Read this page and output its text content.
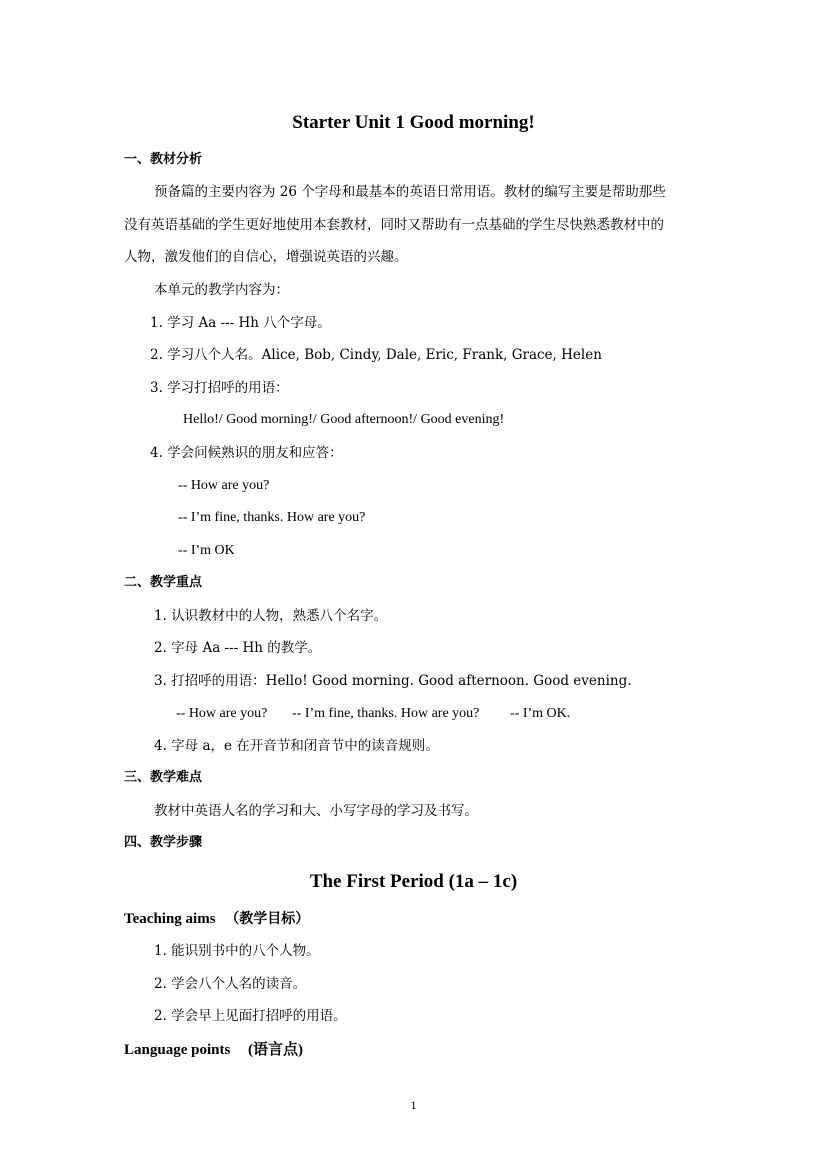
Starter Unit 1 Good morning!
一、教材分析
预备篇的主要内容为 26 个字母和最基本的英语日常用语。教材的编写主要是帮助那些
没有英语基础的学生更好地使用本套教材，同时又帮助有一点基础的学生尽快熟悉教材中的
人物，激发他们的自信心，增强说英语的兴趣。
本单元的教学内容为：
1. 学习 Aa --- Hh 八个字母。
2. 学习八个人名。Alice, Bob, Cindy, Dale, Eric, Frank, Grace, Helen
3. 学习打招呼的用语：
Hello!/ Good morning!/ Good afternoon!/ Good evening!
4. 学会问候熟识的朋友和应答：
-- How are you?
-- I’m fine, thanks. How are you?
-- I’m OK
二、教学重点
1. 认识教材中的人物，熟悉八个名字。
2. 字母 Aa --- Hh 的教学。
3. 打招呼的用语：Hello! Good morning. Good afternoon. Good evening.
-- How are you? -- I’m fine, thanks. How are you? -- I’m OK.
4. 字母 a，e 在开音节和闭音节中的读音规则。
三、教学难点
教材中英语人名的学习和大、小写字母的学习及书写。
四、教学步骤
The First Period (1a – 1c)
Teaching aims （教学目标）
1. 能识别书中的八个人物。
2. 学会八个人名的读音。
2. 学会早上见面打招呼的用语。
Language points (语言点)
1
